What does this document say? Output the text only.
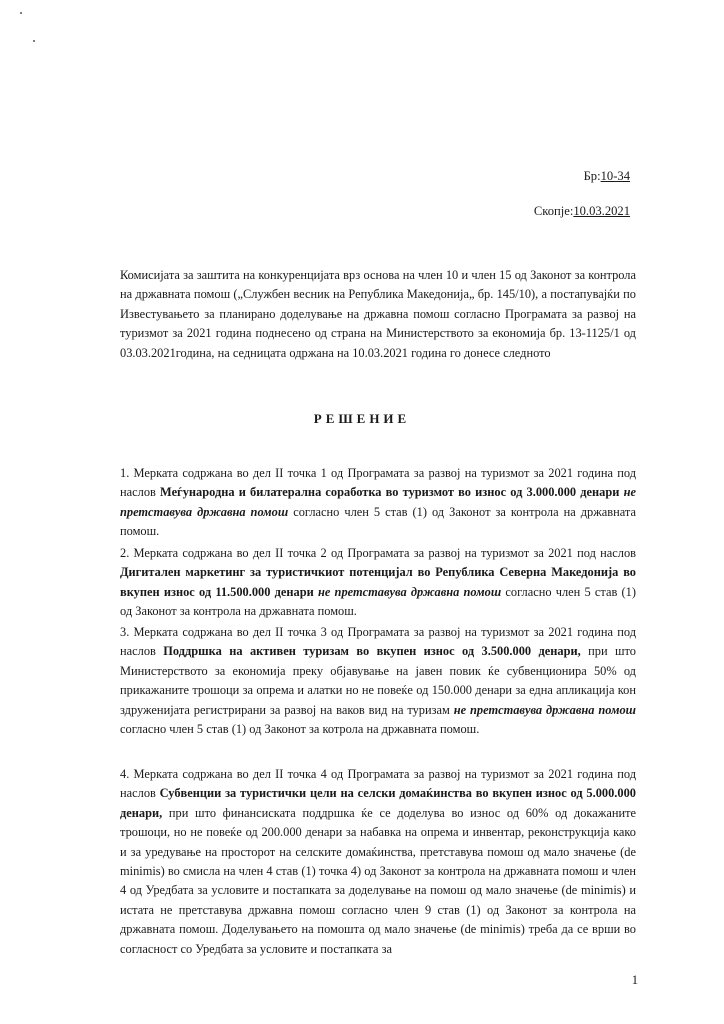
Бр:10-34
Скопје:10.03.2021

Комисијата за заштита на конкуренцијата врз основа на член 10 и член 15 од Законот за контрола на државната помош („Службен весник на Република Македонија„ бр. 145/10), а постапувајќи по Известувањето за планирано доделување на државна помош согласно Програмата за развој на туризмот за 2021 година поднесено од страна на Министерството за економија бр. 13-1125/1 од 03.03.2021година, на седницата одржана на 10.03.2021 година го донесе следното

РЕШЕНИЕ

1. Мерката содржана во дел II точка 1 од Програмата за развој на туризмот за 2021 година под наслов Меѓународна и билатерална соработка во туризмот во износ од 3.000.000 денари не претставува државна помош согласно член 5 став (1) од Законот за контрола на државната помош.

2. Мерката содржана во дел II точка 2 од Програмата за развој на туризмот за 2021 под наслов Дигитален маркетинг за туристичкиот потенцијал во Република Северна Македонија во вкупен износ од 11.500.000 денари не претставува државна помош согласно член 5 став (1) од Законот за контрола на државната помош.

3. Мерката содржана во дел II точка 3 од Програмата за развој на туризмот за 2021 година под наслов Поддршка на активен туризам во вкупен износ од 3.500.000 денари, при што Министерството за економија преку објавување на јавен повик ќе субвенционира 50% од прикажаните трошоци за опрема и алатки но не повеќе од 150.000 денари за една апликација кон здруженијата регистрирани за развој на ваков вид на туризам не претставува државна помош согласно член 5 став (1) од Законот за котрола на државната помош.

4. Мерката содржана во дел II точка 4 од Програмата за развој на туризмот за 2021 година под наслов Субвенции за туристички цели на селски домаќинства во вкупен износ од 5.000.000 денари, при што финансиската поддршка ќе се доделува во износ од 60% од докажаните трошоци, но не повеќе од 200.000 денари за набавка на опрема и инвентар, реконструкција како и за уредување на просторот на селските домаќинства, претставува помош од мало значење (de minimis) во смисла на член 4 став (1) точка 4) од Законот за контрола на државната помош и член 4 од Уредбата за условите и постапката за доделување на помош од мало значење (de minimis) и истата не претставува државна помош согласно член 9 став (1) од Законот за контрола на државната помош. Доделувањето на помошта од мало значење (de minimis) треба да се врши во согласност со Уредбата за условите и постапката за

1
